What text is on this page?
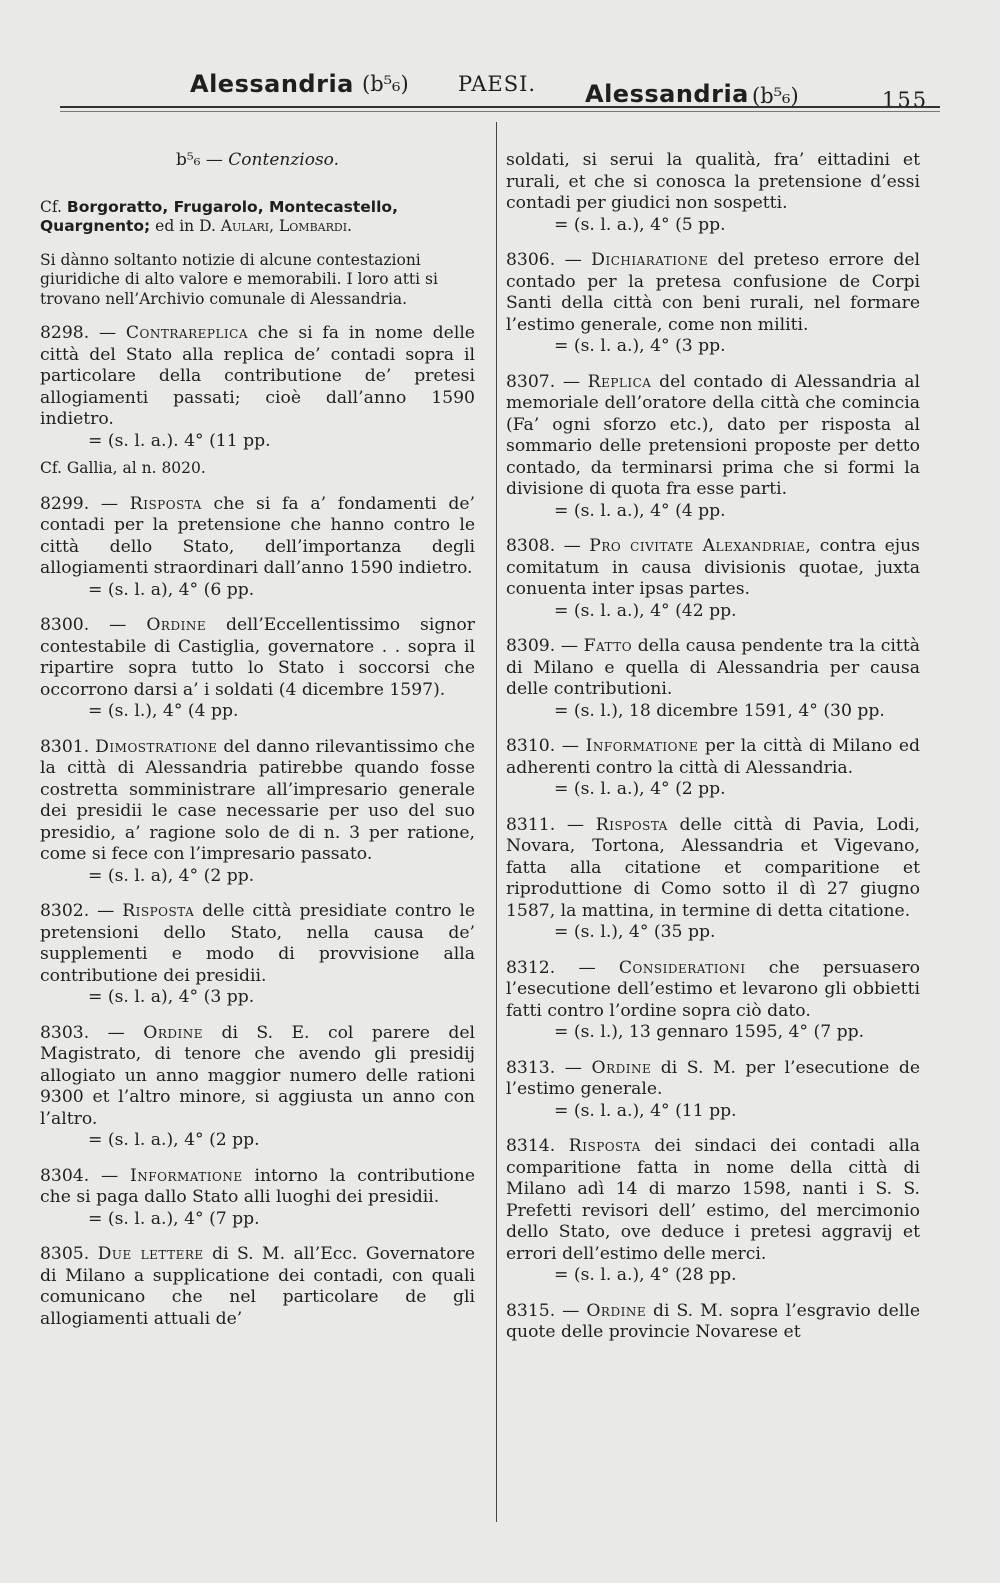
Alessandria (b⁵₆) PAESI. Alessandria (b⁵₆)	155
b⁵₆ — Contenzioso.

Cf. Borgoratto, Frugarolo, Montecastello, Quargnento; ed in D. Aulari, Lombardi.

Si dànno soltanto notizie di alcune contestazioni giuridiche di alto valore e memorabili. I loro atti si trovano nell’Archivio comunale di Alessandria.

8298. — Contrareplica che si fa in nome delle città del Stato alla replica de’ contadi sopra il particolare della contributione de’ pretesi allogiamenti passati; cioè dall’anno 1590 indietro.

= (s. l. a.). 4° (11 pp.

Cf. Gallia, al n. 8020.

8299. — Risposta che si fa a’ fondamenti de’ contadi per la pretensione che hanno contro le città dello Stato, dell’importanza degli allogiamenti straordinari dall’anno 1590 indietro.

= (s. l. a), 4° (6 pp.

8300. — Ordine dell’Eccellentissimo signor contestabile di Castiglia, governatore . . sopra il ripartire sopra tutto lo Stato i soccorsi che occorrono darsi a’ i soldati (4 dicembre 1597).

= (s. l.), 4° (4 pp.

8301. Dimostratione del danno rilevantissimo che la città di Alessandria patirebbe quando fosse costretta somministrare all’impresario generale dei presidii le case necessarie per uso del suo presidio, a’ ragione solo de di n. 3 per ratione, come si fece con l’impresario passato.

= (s. l. a), 4° (2 pp.

8302. — Risposta delle città presidiate contro le pretensioni dello Stato, nella causa de’ supplementi e modo di provvisione alla contributione dei presidii.

= (s. l. a), 4° (3 pp.

8303. — Ordine di S. E. col parere del Magistrato, di tenore che avendo gli presidij allogiato un anno maggior numero delle rationi 9300 et l’altro minore, si aggiusta un anno con l’altro.

= (s. l. a.), 4° (2 pp.

8304. — Informatione intorno la contributione che si paga dallo Stato alli luoghi dei presidii.

= (s. l. a.), 4° (7 pp.

8305. Due lettere di S. M. all’Ecc. Governatore di Milano a supplicatione dei contadi, con quali comunicano che nel particolare de gli allogiamenti attuali de’

soldati, si serui la qualità, fra’ eittadini et rurali, et che si conosca la pretensione d’essi contadi per giudici non sospetti.

= (s. l. a.), 4° (5 pp.

8306. — Dichiaratione del preteso errore del contado per la pretesa confusione de Corpi Santi della città con beni rurali, nel formare l’estimo generale, come non militi.

= (s. l. a.), 4° (3 pp.

8307. — Replica del contado di Alessandria al memoriale dell’oratore della città che comincia (Fa’ ogni sforzo etc.), dato per risposta al sommario delle pretensioni proposte per detto contado, da terminarsi prima che si formi la divisione di quota fra esse parti.

= (s. l. a.), 4° (4 pp.

8308. — Pro civitate Alexandriae, contra ejus comitatum in causa divisionis quotae, juxta conuenta inter ipsas partes.

= (s. l. a.), 4° (42 pp.

8309. — Fatto della causa pendente tra la città di Milano e quella di Alessandria per causa delle contributioni.

= (s. l.), 18 dicembre 1591, 4° (30 pp.

8310. — Informatione per la città di Milano ed adherenti contro la città di Alessandria.

= (s. l. a.), 4° (2 pp.

8311. — Risposta delle città di Pavia, Lodi, Novara, Tortona, Alessandria et Vigevano, fatta alla citatione et comparitione et riproduttione di Como sotto il dì 27 giugno 1587, la mattina, in termine di detta citatione.

= (s. l.), 4° (35 pp.

8312. — Considerationi che persuasero l’esecutione dell’estimo et levarono gli obbietti fatti contro l’ordine sopra ciò dato.

= (s. l.), 13 gennaro 1595, 4° (7 pp.

8313. — Ordine di S. M. per l’esecutione de l’estimo generale.

= (s. l. a.), 4° (11 pp.

8314. Risposta dei sindaci dei contadi alla comparitione fatta in nome della città di Milano adì 14 di marzo 1598, nanti i S. S. Prefetti revisori dell’ estimo, del mercimonio dello Stato, ove deduce i pretesi aggravij et errori dell’estimo delle merci.

= (s. l. a.), 4° (28 pp.

8315. — Ordine di S. M. sopra l’esgravio delle quote delle provincie Novarese et
